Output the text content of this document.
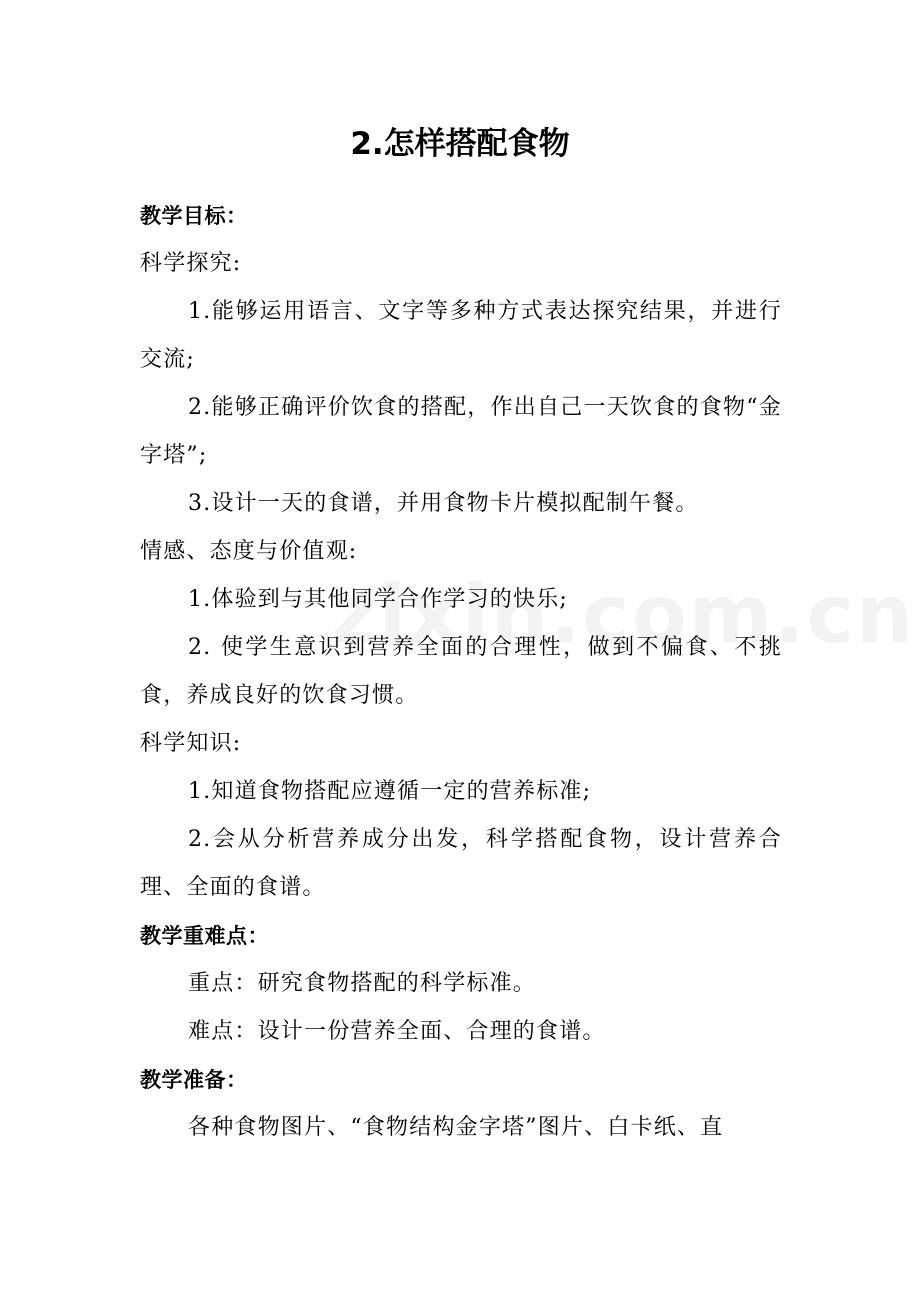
2.怎样搭配食物

教学目标：

科学探究:

1.能够运用语言、文字等多种方式表达探究结果，并进行交流;

2.能够正确评价饮食的搭配，作出自己一天饮食的食物“金字塔”;

3.设计一天的食谱，并用食物卡片模拟配制午餐。

情感、态度与价值观:

1.体验到与其他同学合作学习的快乐;

2. 使学生意识到营养全面的合理性，做到不偏食、不挑食，养成良好的饮食习惯。

科学知识:

1.知道食物搭配应遵循一定的营养标准;

2.会从分析营养成分出发，科学搭配食物，设计营养合理、全面的食谱。

教学重难点：

重点：研究食物搭配的科学标准。

难点：设计一份营养全面、合理的食谱。

教学准备：

各种食物图片、“食物结构金字塔”图片、白卡纸、直
